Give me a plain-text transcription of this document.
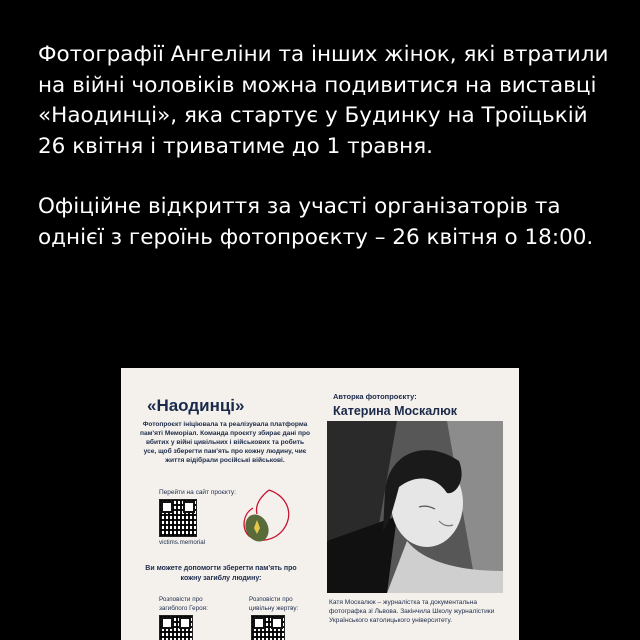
Фотографії Ангеліни та інших жінок, які втратили на війні чоловіків можна подивитися на виставці «Наодинці», яка стартує у Будинку на Троїцькій 26 квітня і триватиме до 1 травня.

Офіційне відкриття за участі організаторів та однієї з героїнь фотопроєкту – 26 квітня о 18:00.

«Наодинці»
Фотопроєкт ініціювала та реалізувала платформа пам'яті Меморіал. Команда проєкту збирає дані про вбитих у війні цивільних і військових та робить усе, щоб зберегти пам'ять про кожну людину, чиє життя відібрали російські військові.
Перейти на сайт проєкту:
victims.memorial
Ви можете допомогти зберегти пам'ять про кожну загиблу людину:
Розповісти про загиблого Героя:
Розповісти про цивільну жертву:
Авторка фотопроєкту:
Катерина Москалюк
Катя Москалюк – журналістка та документальна фотографка зі Львова. Закінчила Школу журналістики Українського католицького університету.
